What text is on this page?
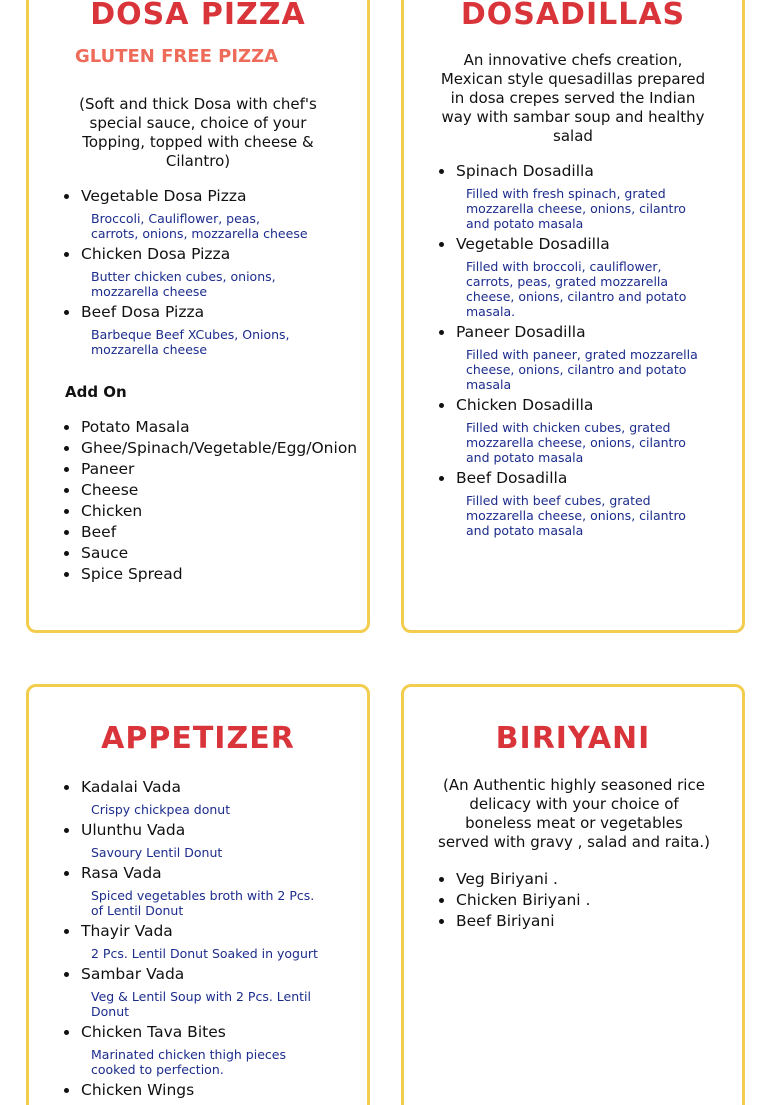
DOSA PIZZA
GLUTEN FREE PIZZA
(Soft and thick Dosa with chef's special sauce, choice of your Topping, topped with cheese & Cilantro)
Vegetable Dosa Pizza
Broccoli, Cauliflower, peas, carrots, onions, mozzarella cheese
Chicken Dosa Pizza
Butter chicken cubes, onions, mozzarella cheese
Beef Dosa Pizza
Barbeque Beef XCubes, Onions, mozzarella cheese
Add On
Potato Masala
Ghee/Spinach/Vegetable/Egg/Onion
Paneer
Cheese
Chicken
Beef
Sauce
Spice Spread
DOSADILLAS
An innovative chefs creation, Mexican style quesadillas prepared in dosa crepes served the Indian way with sambar soup and healthy salad
Spinach Dosadilla
Filled with fresh spinach, grated mozzarella cheese, onions, cilantro and potato masala
Vegetable Dosadilla
Filled with broccoli, cauliflower, carrots, peas, grated mozzarella cheese, onions, cilantro and potato masala.
Paneer Dosadilla
Filled with paneer, grated mozzarella cheese, onions, cilantro and potato masala
Chicken Dosadilla
Filled with chicken cubes, grated mozzarella cheese, onions, cilantro and potato masala
Beef Dosadilla
Filled with beef cubes, grated mozzarella cheese, onions, cilantro and potato masala
APPETIZER
Kadalai Vada
Crispy chickpea donut
Ulunthu Vada
Savoury Lentil Donut
Rasa Vada
Spiced vegetables broth with 2 Pcs. of Lentil Donut
Thayir Vada
2 Pcs. Lentil Donut Soaked in yogurt
Sambar Vada
Veg & Lentil Soup with 2 Pcs. Lentil Donut
Chicken Tava Bites
Marinated chicken thigh pieces cooked to perfection.
Chicken Wings
BIRIYANI
(An Authentic highly seasoned rice delicacy with your choice of boneless meat or vegetables served with gravy , salad and raita.)
Veg Biriyani .
Chicken Biriyani .
Beef Biriyani
